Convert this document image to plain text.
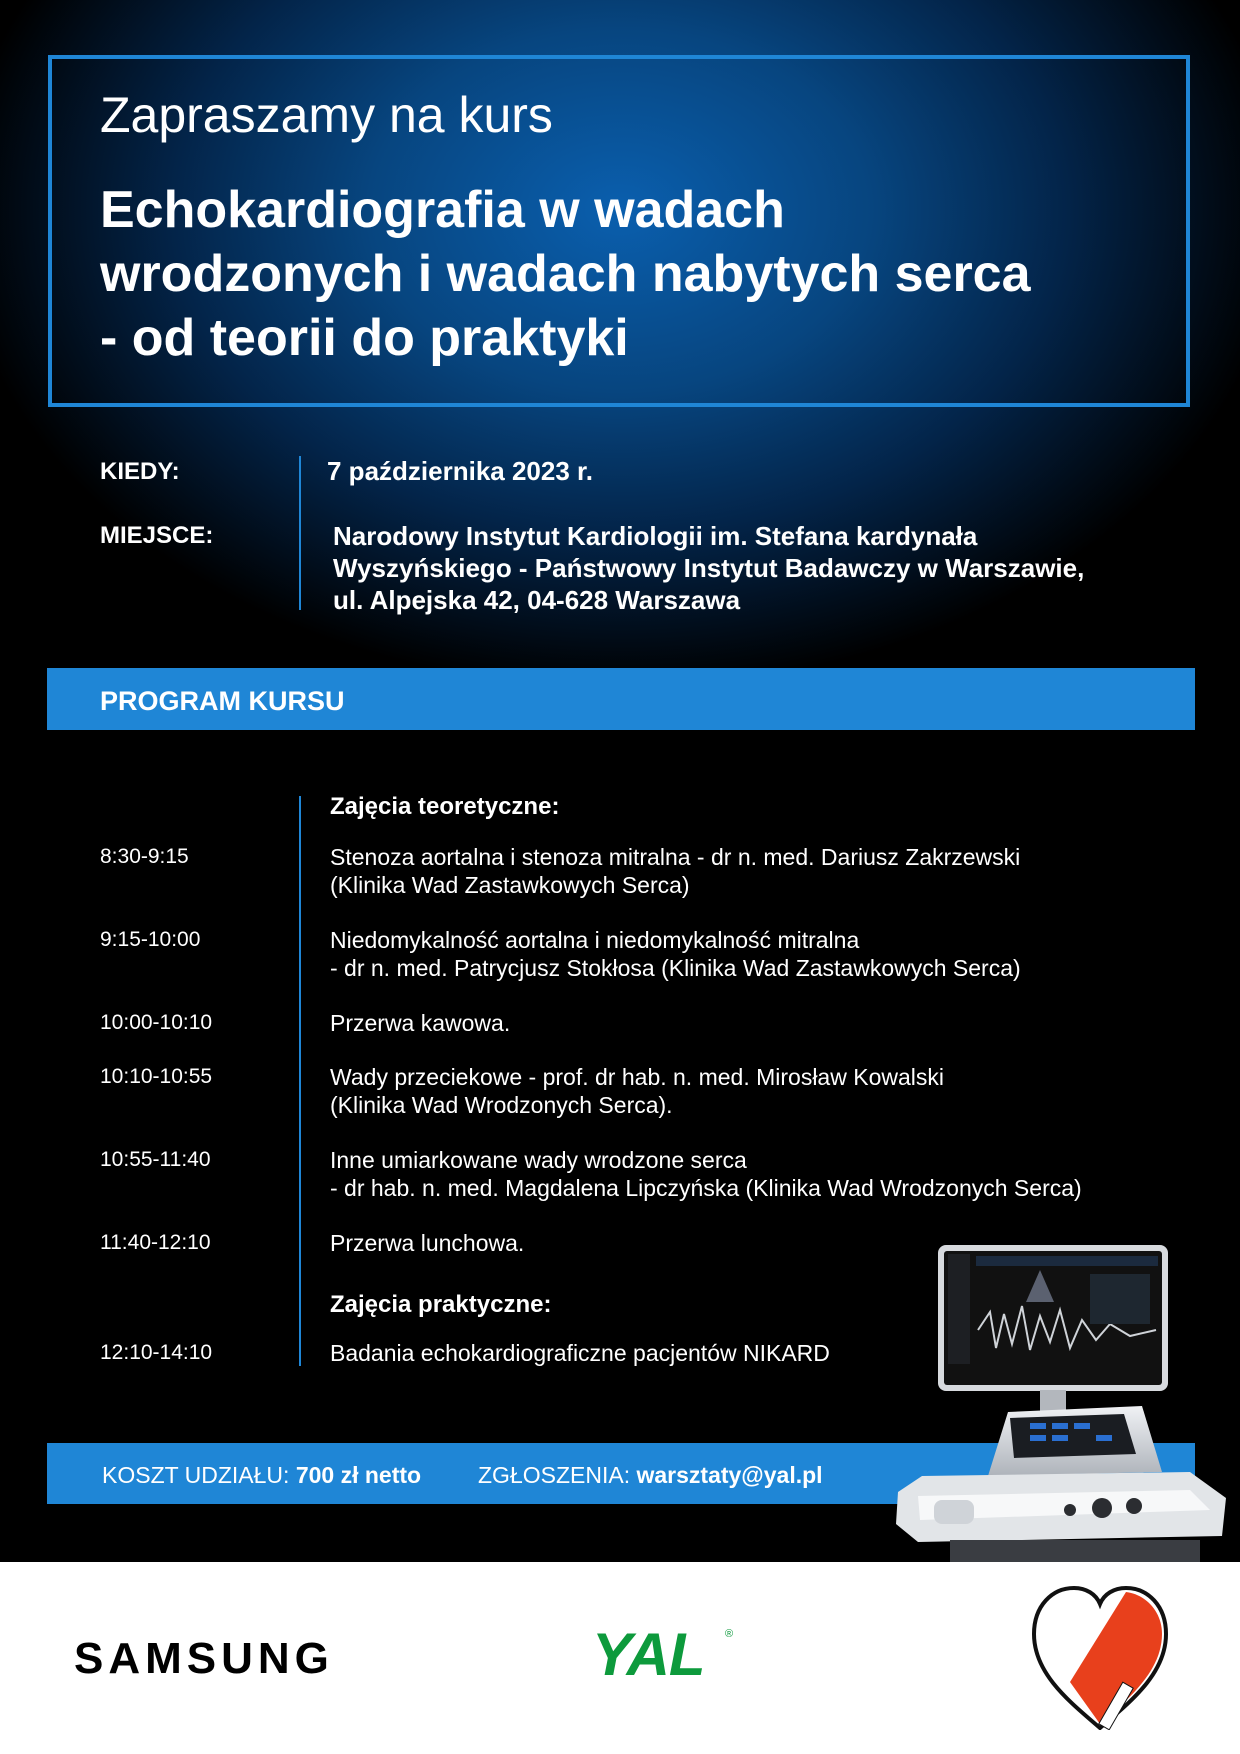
Zapraszamy na kurs
Echokardiografia w wadach
wrodzonych i wadach nabytych serca
- od teorii do praktyki
KIEDY:	7 października 2023 r.
MIEJSCE:	Narodowy Instytut Kardiologii im. Stefana kardynała
Wyszyńskiego - Państwowy Instytut Badawczy w Warszawie,
ul. Alpejska 42, 04-628 Warszawa
PROGRAM KURSU
Zajęcia teoretyczne:
8:30-9:15	Stenoza aortalna i stenoza mitralna - dr n. med. Dariusz Zakrzewski
(Klinika Wad Zastawkowych Serca)
9:15-10:00	Niedomykalność aortalna i niedomykalność mitralna
- dr n. med. Patrycjusz Stokłosa (Klinika Wad Zastawkowych Serca)
10:00-10:10	Przerwa kawowa.
10:10-10:55	Wady przeciekowe - prof. dr hab. n. med. Mirosław Kowalski
(Klinika Wad Wrodzonych Serca).
10:55-11:40	Inne umiarkowane wady wrodzone serca
- dr hab. n. med. Magdalena Lipczyńska (Klinika Wad Wrodzonych Serca)
11:40-12:10	Przerwa lunchowa.
Zajęcia praktyczne:
12:10-14:10	Badania echokardiograficzne pacjentów NIKARD
KOSZT UDZIAŁU: 700 zł netto ZGŁOSZENIA: warsztaty@yal.pl
SAMSUNG	YAL ®
